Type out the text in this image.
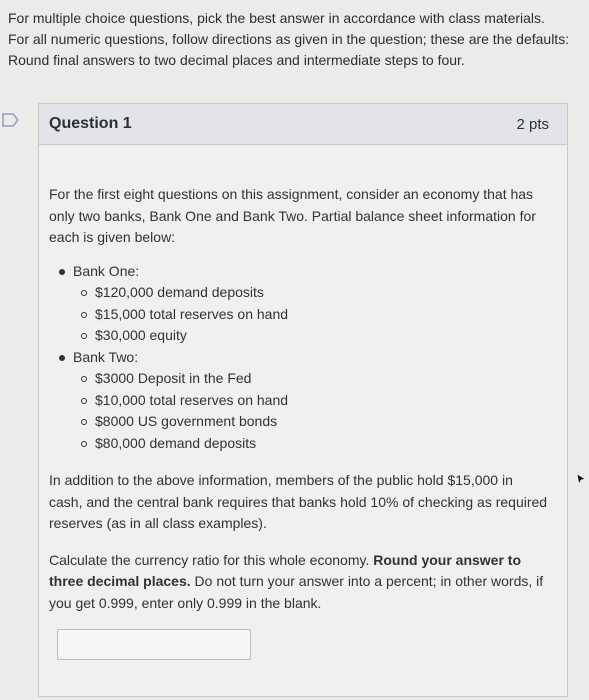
For multiple choice questions, pick the best answer in accordance with class materials.

For all numeric questions, follow directions as given in the question; these are the defaults:

Round final answers to two decimal places and intermediate steps to four.

Question 1	2 pts

For the first eight questions on this assignment, consider an economy that has only two banks, Bank One and Bank Two. Partial balance sheet information for each is given below:

Bank One:
$120,000 demand deposits
$15,000 total reserves on hand
$30,000 equity
Bank Two:
$3000 Deposit in the Fed
$10,000 total reserves on hand
$8000 US government bonds
$80,000 demand deposits

In addition to the above information, members of the public hold $15,000 in cash, and the central bank requires that banks hold 10% of checking as required reserves (as in all class examples).

Calculate the currency ratio for this whole economy. Round your answer to three decimal places. Do not turn your answer into a percent; in other words, if you get 0.999, enter only 0.999 in the blank.
